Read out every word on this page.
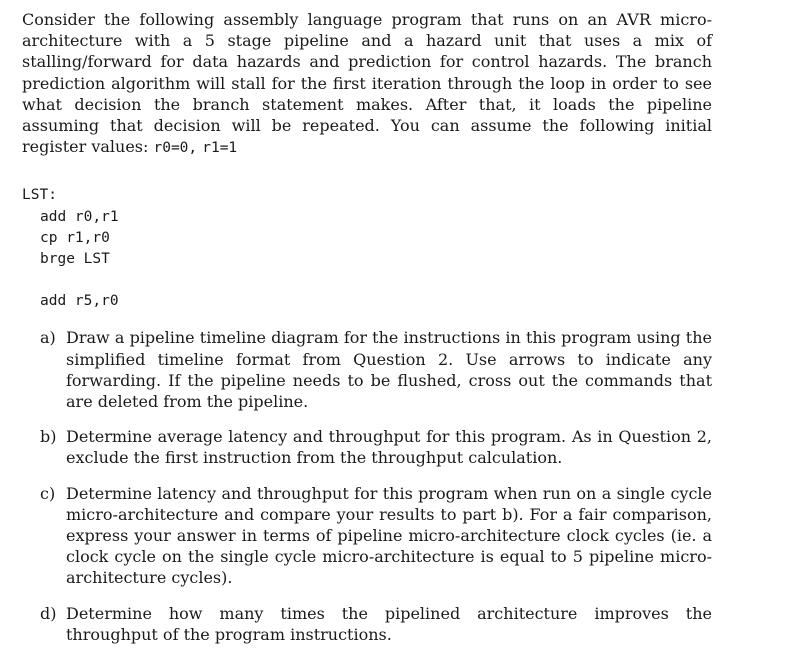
Consider the following assembly language program that runs on an AVR micro-architecture with a 5 stage pipeline and a hazard unit that uses a mix of stalling/forward for data hazards and prediction for control hazards. The branch prediction algorithm will stall for the first iteration through the loop in order to see what decision the branch statement makes. After that, it loads the pipeline assuming that decision will be repeated. You can assume the following initial register values: r0=0, r1=1

LST:
add r0,r1
cp r1,r0
brge LST
add r5,r0
a) Draw a pipeline timeline diagram for the instructions in this program using the simplified timeline format from Question 2. Use arrows to indicate any forwarding. If the pipeline needs to be flushed, cross out the commands that are deleted from the pipeline.
b) Determine average latency and throughput for this program. As in Question 2, exclude the first instruction from the throughput calculation.
c) Determine latency and throughput for this program when run on a single cycle micro-architecture and compare your results to part b). For a fair comparison, express your answer in terms of pipeline micro-architecture clock cycles (ie. a clock cycle on the single cycle micro-architecture is equal to 5 pipeline micro-architecture cycles).
d) Determine how many times the pipelined architecture improves the throughput of the program instructions.
